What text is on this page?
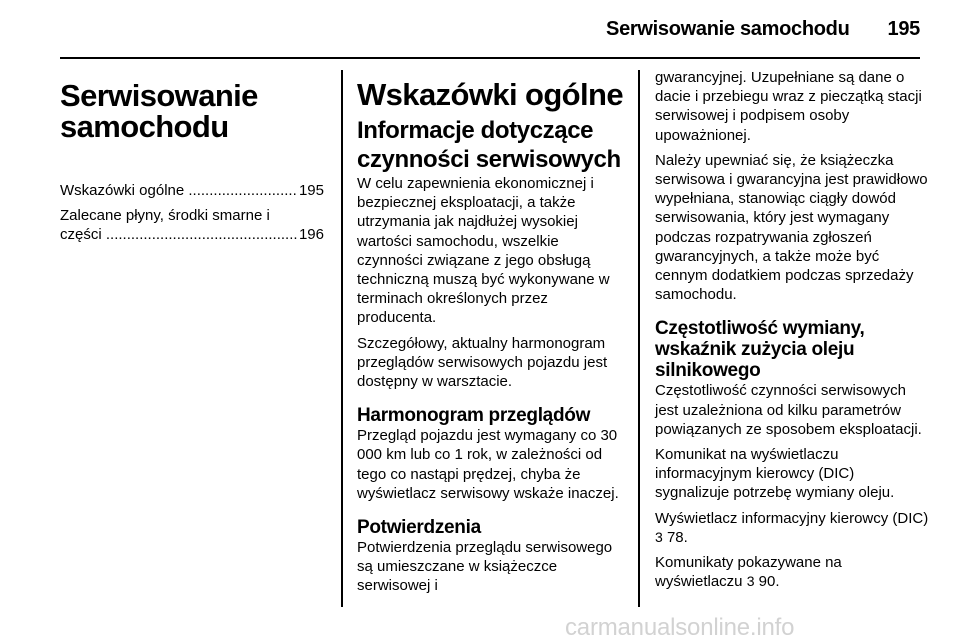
Serwisowanie samochodu 195
Serwisowanie samochodu
Wskazówki ogólne
.....	195
Zalecane płyny, środki smarne i
części
.....	196
Wskazówki ogólne
Informacje dotyczące czynności serwisowych

W celu zapewnienia ekonomicznej i bezpiecznej eksploatacji, a także utrzymania jak najdłużej wysokiej wartości samochodu, wszelkie czynności związane z jego obsługą techniczną muszą być wykonywane w terminach określonych przez producenta.

Szczegółowy, aktualny harmonogram przeglądów serwisowych pojazdu jest dostępny w warsztacie.

Harmonogram przeglądów

Przegląd pojazdu jest wymagany co 30 000 km lub co 1 rok, w zależności od tego co nastąpi prędzej, chyba że wyświetlacz serwisowy wskaże inaczej.

Potwierdzenia

Potwierdzenia przeglądu serwisowego są umieszczane w książeczce serwisowej i

gwarancyjnej. Uzupełniane są dane o dacie i przebiegu wraz z pieczątką stacji serwisowej i podpisem osoby upoważnionej.

Należy upewniać się, że książeczka serwisowa i gwarancyjna jest prawidłowo wypełniana, stanowiąc ciągły dowód serwisowania, który jest wymagany podczas rozpatrywania zgłoszeń gwarancyjnych, a także może być cennym dodatkiem podczas sprzedaży samochodu.

Częstotliwość wymiany, wskaźnik zużycia oleju silnikowego

Częstotliwość czynności serwisowych jest uzależniona od kilku parametrów powiązanych ze sposobem eksploatacji.

Komunikat na wyświetlaczu informacyjnym kierowcy (DIC) sygnalizuje potrzebę wymiany oleju.

Wyświetlacz informacyjny kierowcy (DIC) 3 78.

Komunikaty pokazywane na wyświetlaczu 3 90.

carmanualsonline.info
